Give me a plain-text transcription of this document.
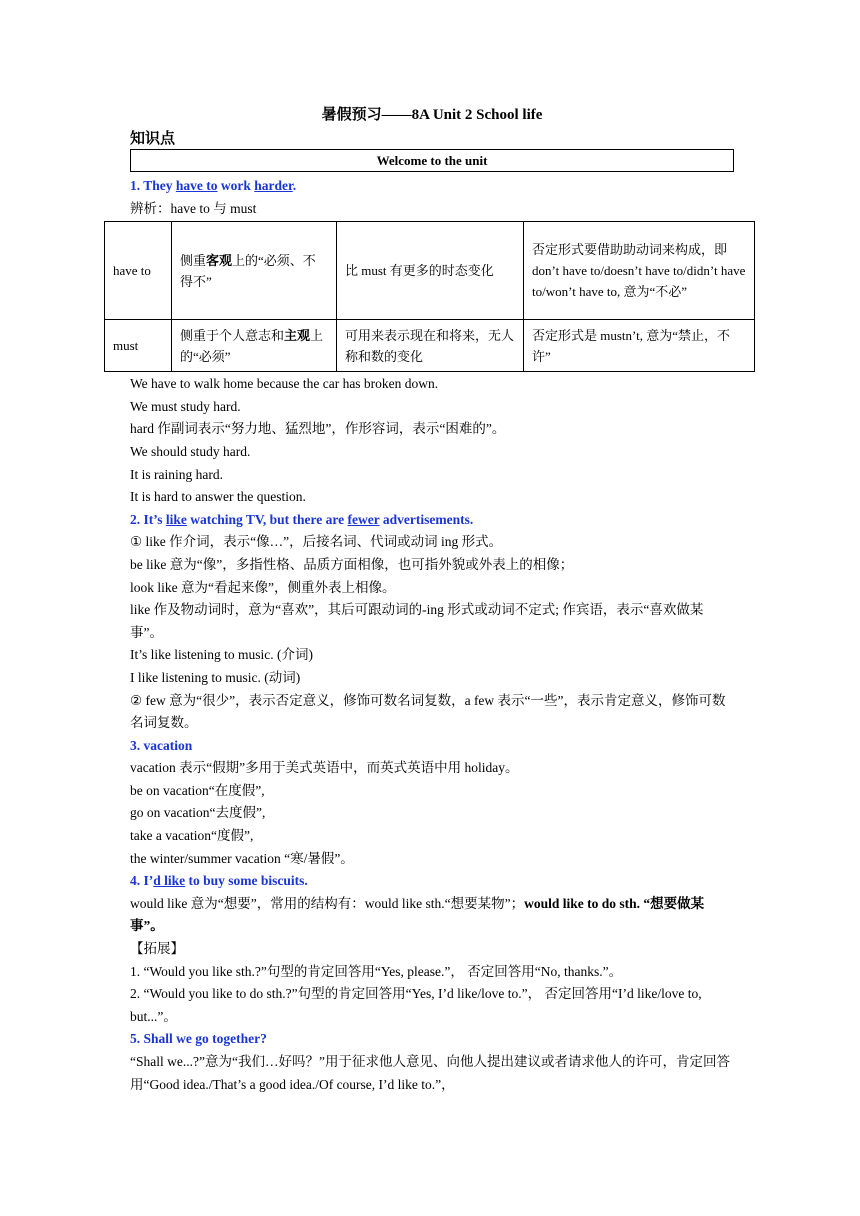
暑假预习——8A Unit 2 School life
知识点
Welcome to the unit
1. They have to work harder.
辨析：have to 与 must
have to	侧重客观上的“必须、不得不”	比 must 有更多的时态变化	否定形式要借助助动词来构成，即 don’t have to/doesn’t have to/didn’t have to/won’t have to, 意为“不必”
must	侧重于个人意志和主观上的“必须”	可用来表示现在和将来，无人称和数的变化	否定形式是 mustn’t, 意为“禁止，不许”
We have to walk home because the car has broken down.
We must study hard.
hard 作副词表示“努力地、猛烈地”，作形容词，表示“困难的”。
We should study hard.
It is raining hard.
It is hard to answer the question.
2. It’s like watching TV, but there are fewer advertisements.
① like 作介词，表示“像…”，后接名词、代词或动词 ing 形式。
be like 意为“像”，多指性格、品质方面相像，也可指外貌或外表上的相像；
look like 意为“看起来像”，侧重外表上相像。
like 作及物动词时，意为“喜欢”，其后可跟动词的-ing 形式或动词不定式; 作宾语，表示“喜欢做某事”。
It’s like listening to music. (介词)
I like listening to music. (动词)
② few 意为“很少”，表示否定意义，修饰可数名词复数，a few 表示“一些”，表示肯定意义，修饰可数名词复数。
3. vacation
vacation 表示“假期”多用于美式英语中，而英式英语中用 holiday。
be on vacation“在度假”,
go on vacation“去度假”,
take a vacation“度假”,
the winter/summer vacation “寒/暑假”。
4. I’d like to buy some biscuits.
would like 意为“想要”，常用的结构有：would like sth.“想要某物”；would like to do sth. “想要做某事”。
【拓展】
1. “Would you like sth.?”句型的肯定回答用“Yes, please.”， 否定回答用“No, thanks.”。
2. “Would you like to do sth.?”句型的肯定回答用“Yes, I’d like/love to.”， 否定回答用“I’d like/love to, but...”。
5. Shall we go together?
“Shall we...?”意为“我们…好吗？”用于征求他人意见、向他人提出建议或者请求他人的许可，肯定回答用“Good idea./That’s a good idea./Of course, I’d like to.”，
